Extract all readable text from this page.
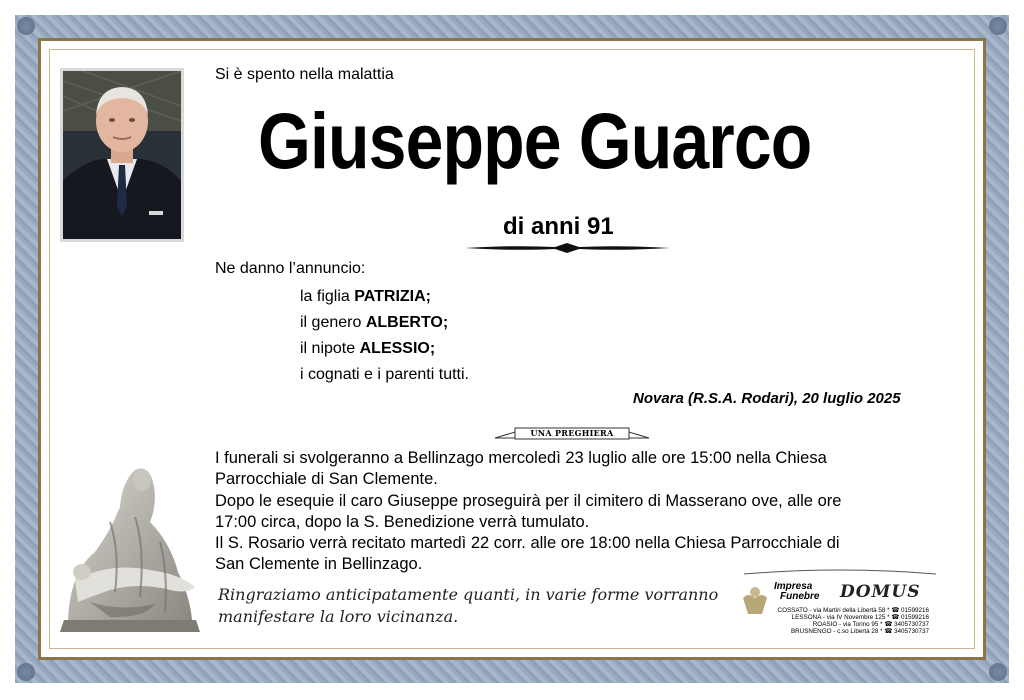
Si è spento nella malattia
Giuseppe Guarco
di anni 91
Ne danno l’annuncio:
la figlia PATRIZIA;
il genero ALBERTO;
il nipote ALESSIO;
i cognati e i parenti tutti.
Novara (R.S.A. Rodari), 20 luglio 2025
UNA PREGHIERA

I funerali si svolgeranno a Bellinzago mercoledì 23 luglio alle ore 15:00 nella Chiesa

Parrocchiale di San Clemente.

Dopo le esequie il caro Giuseppe proseguirà per il cimitero di Masserano ove, alle ore

17:00 circa, dopo la S. Benedizione verrà tumulato.

Il S. Rosario verrà recitato martedì 22 corr. alle ore 18:00 nella Chiesa Parrocchiale di

San Clemente in Bellinzago.

Ringraziamo anticipatamente quanti, in varie forme vorranno
manifestare la loro vicinanza.
Impresa
Funebre DOMUS
COSSATO - via Martiri della Libertà 58 * ☎ 01599216
LESSONA - via IV Novembre 125 * ☎ 01599216
ROASIO - via Torino 95 * ☎ 3405730737
BRUSNENGO - c.so Libertà 28 * ☎ 3405730737
